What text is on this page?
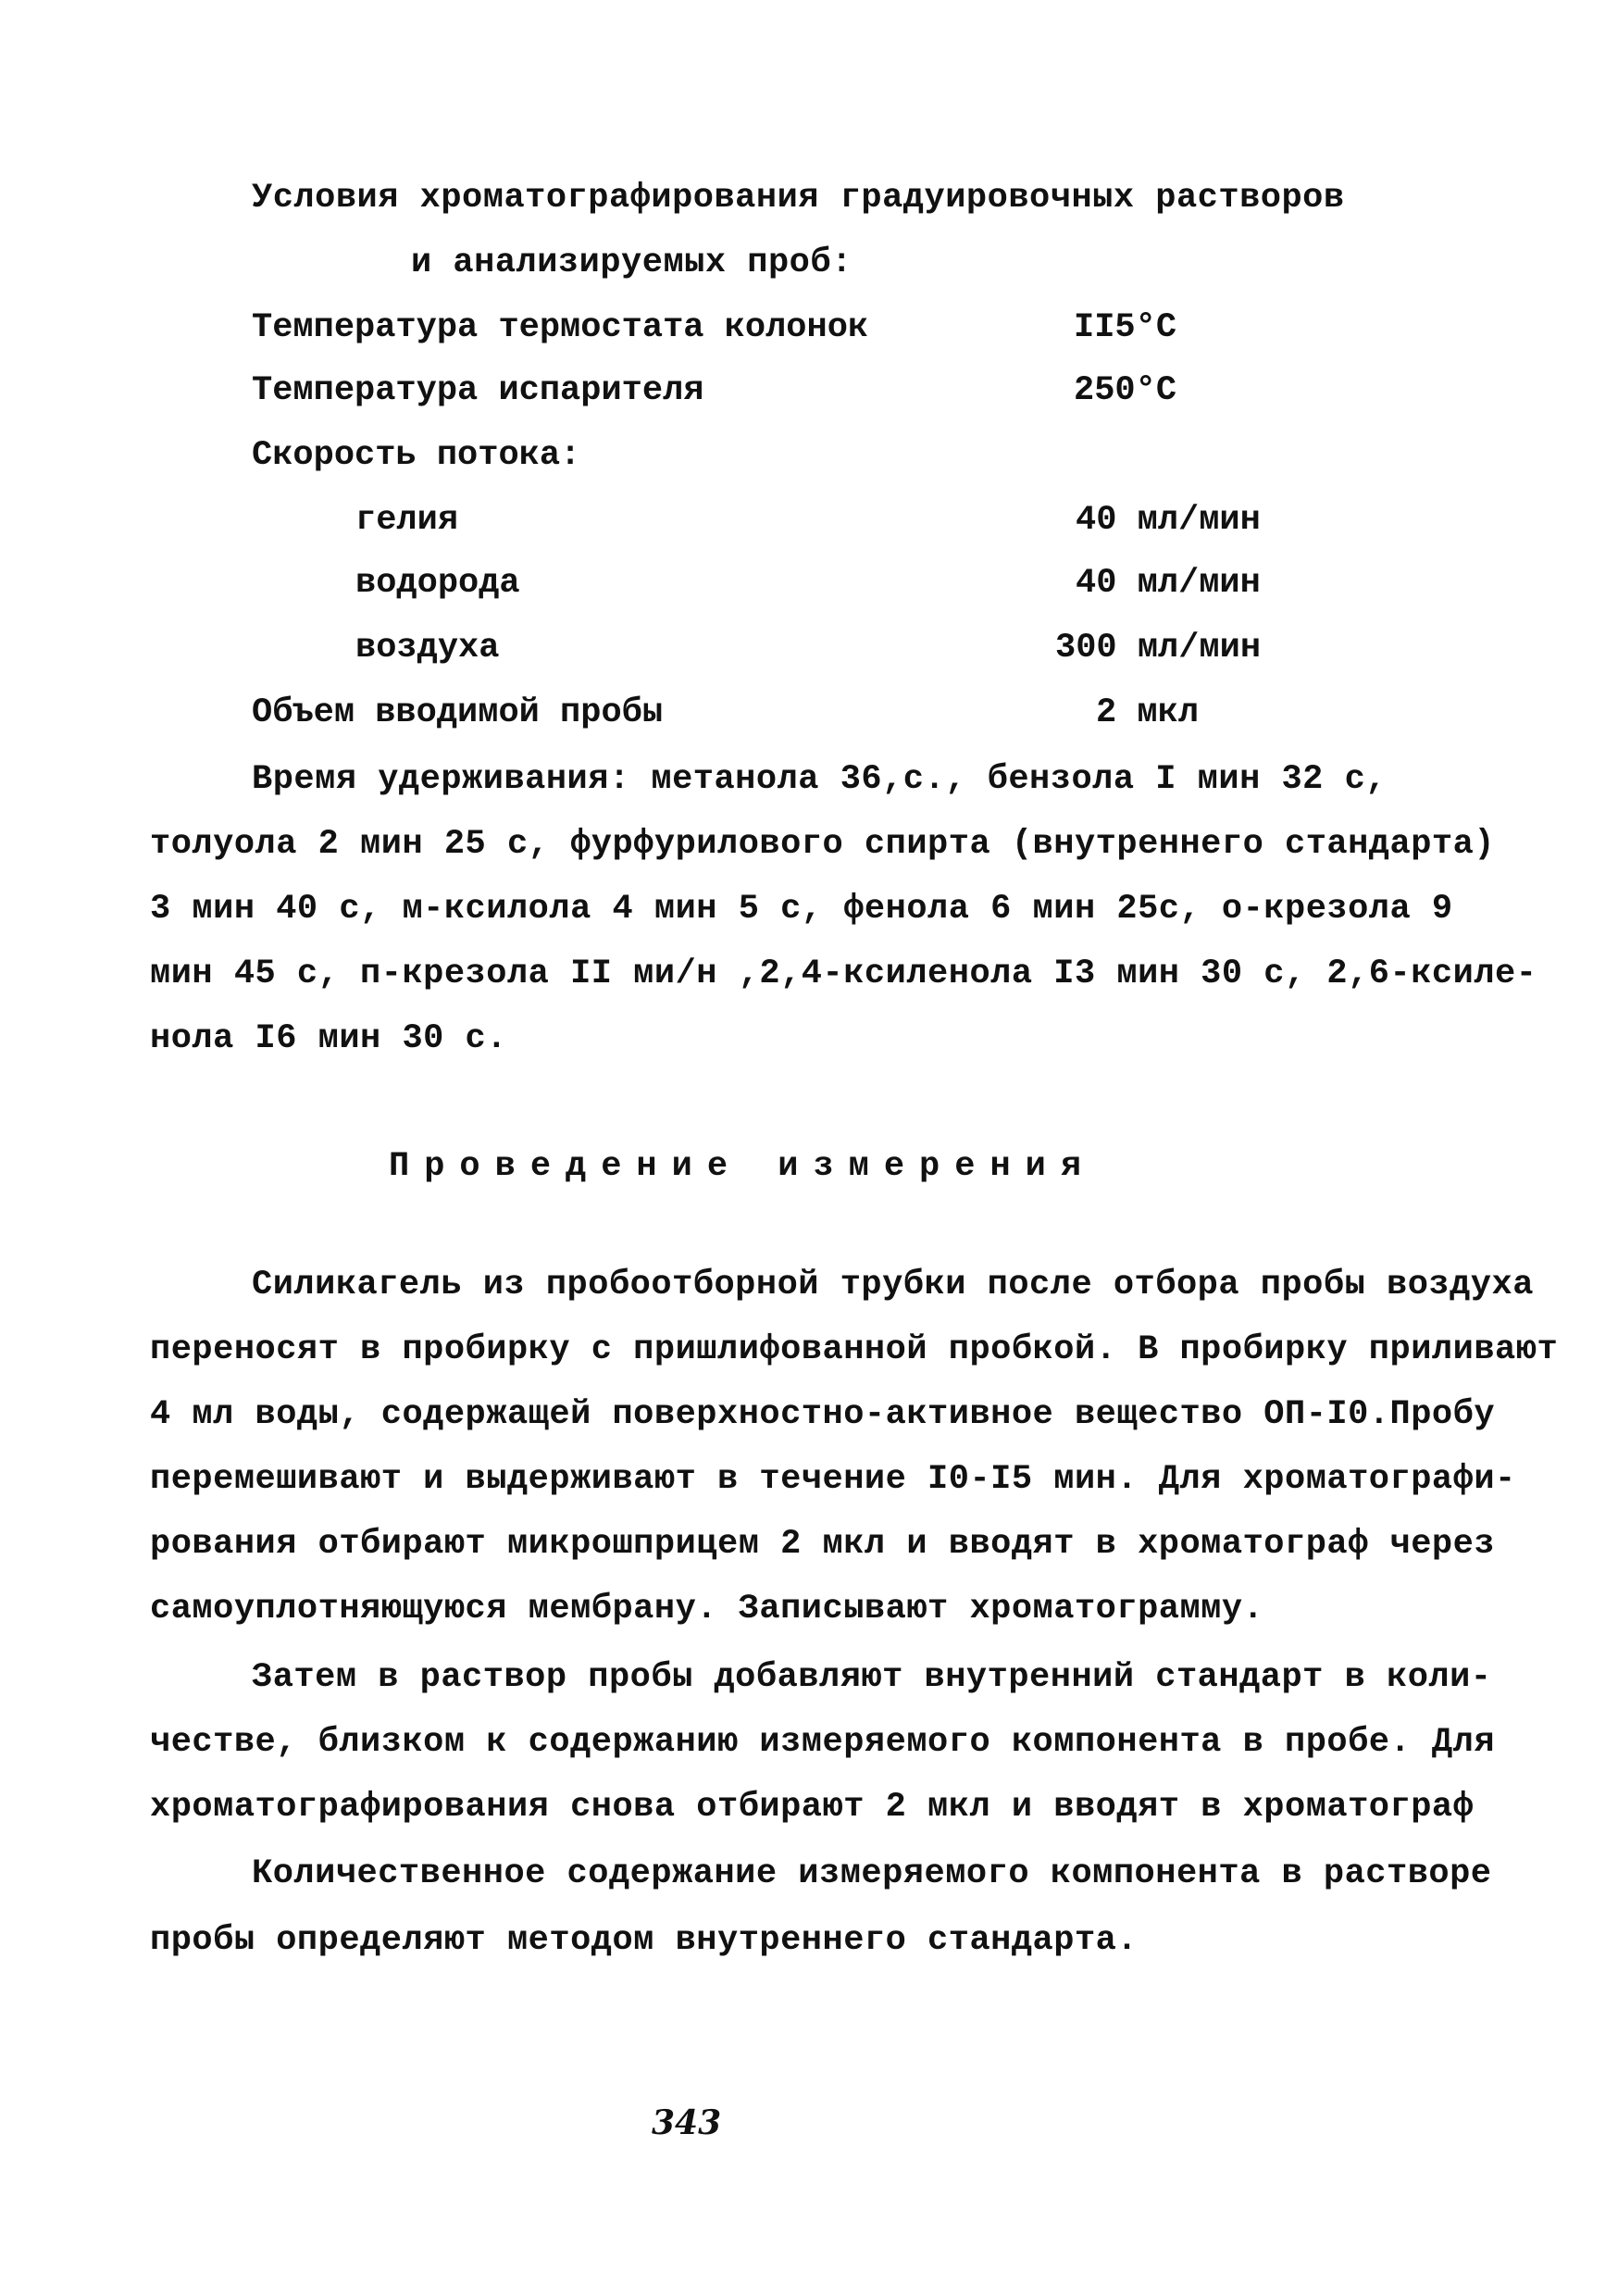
Условия хроматографирования градуировочных растворов
и анализируемых проб:
Температура термостата колонок	II5°C
Температура испарителя	250°C
Скорость потока:
гелия	40 мл/мин
водорода	40 мл/мин
воздуха	300 мл/мин
Объем вводимой пробы	2 мкл
Время удерживания: метанола 36,с., бензола I мин 32 с,
толуола 2 мин 25 с, фурфурилового спирта (внутреннего стандарта)
3 мин 40 с, м-ксилола 4 мин 5 с, фенола 6 мин 25с, о-крезола 9
мин 45 с, п-крезола II ми/н ,2,4-ксиленола I3 мин 30 с, 2,6-ксиле-
нола I6 мин 30 с.
Проведение измерения
Силикагель из пробоотборной трубки после отбора пробы воздуха
переносят в пробирку с пришлифованной пробкой. В пробирку приливают
4 мл воды, содержащей поверхностно-активное вещество ОП-I0.Пробу
перемешивают и выдерживают в течение I0-I5 мин. Для хроматографи-
рования отбирают микрошприцем 2 мкл и вводят в хроматограф через
самоуплотняющуюся мембрану. Записывают хроматограмму.
Затем в раствор пробы добавляют внутренний стандарт в коли-
честве, близком к содержанию измеряемого компонента в пробе. Для
хроматографирования снова отбирают 2 мкл и вводят в хроматограф
Количественное содержание измеряемого компонента в растворе
пробы определяют методом внутреннего стандарта.
343
